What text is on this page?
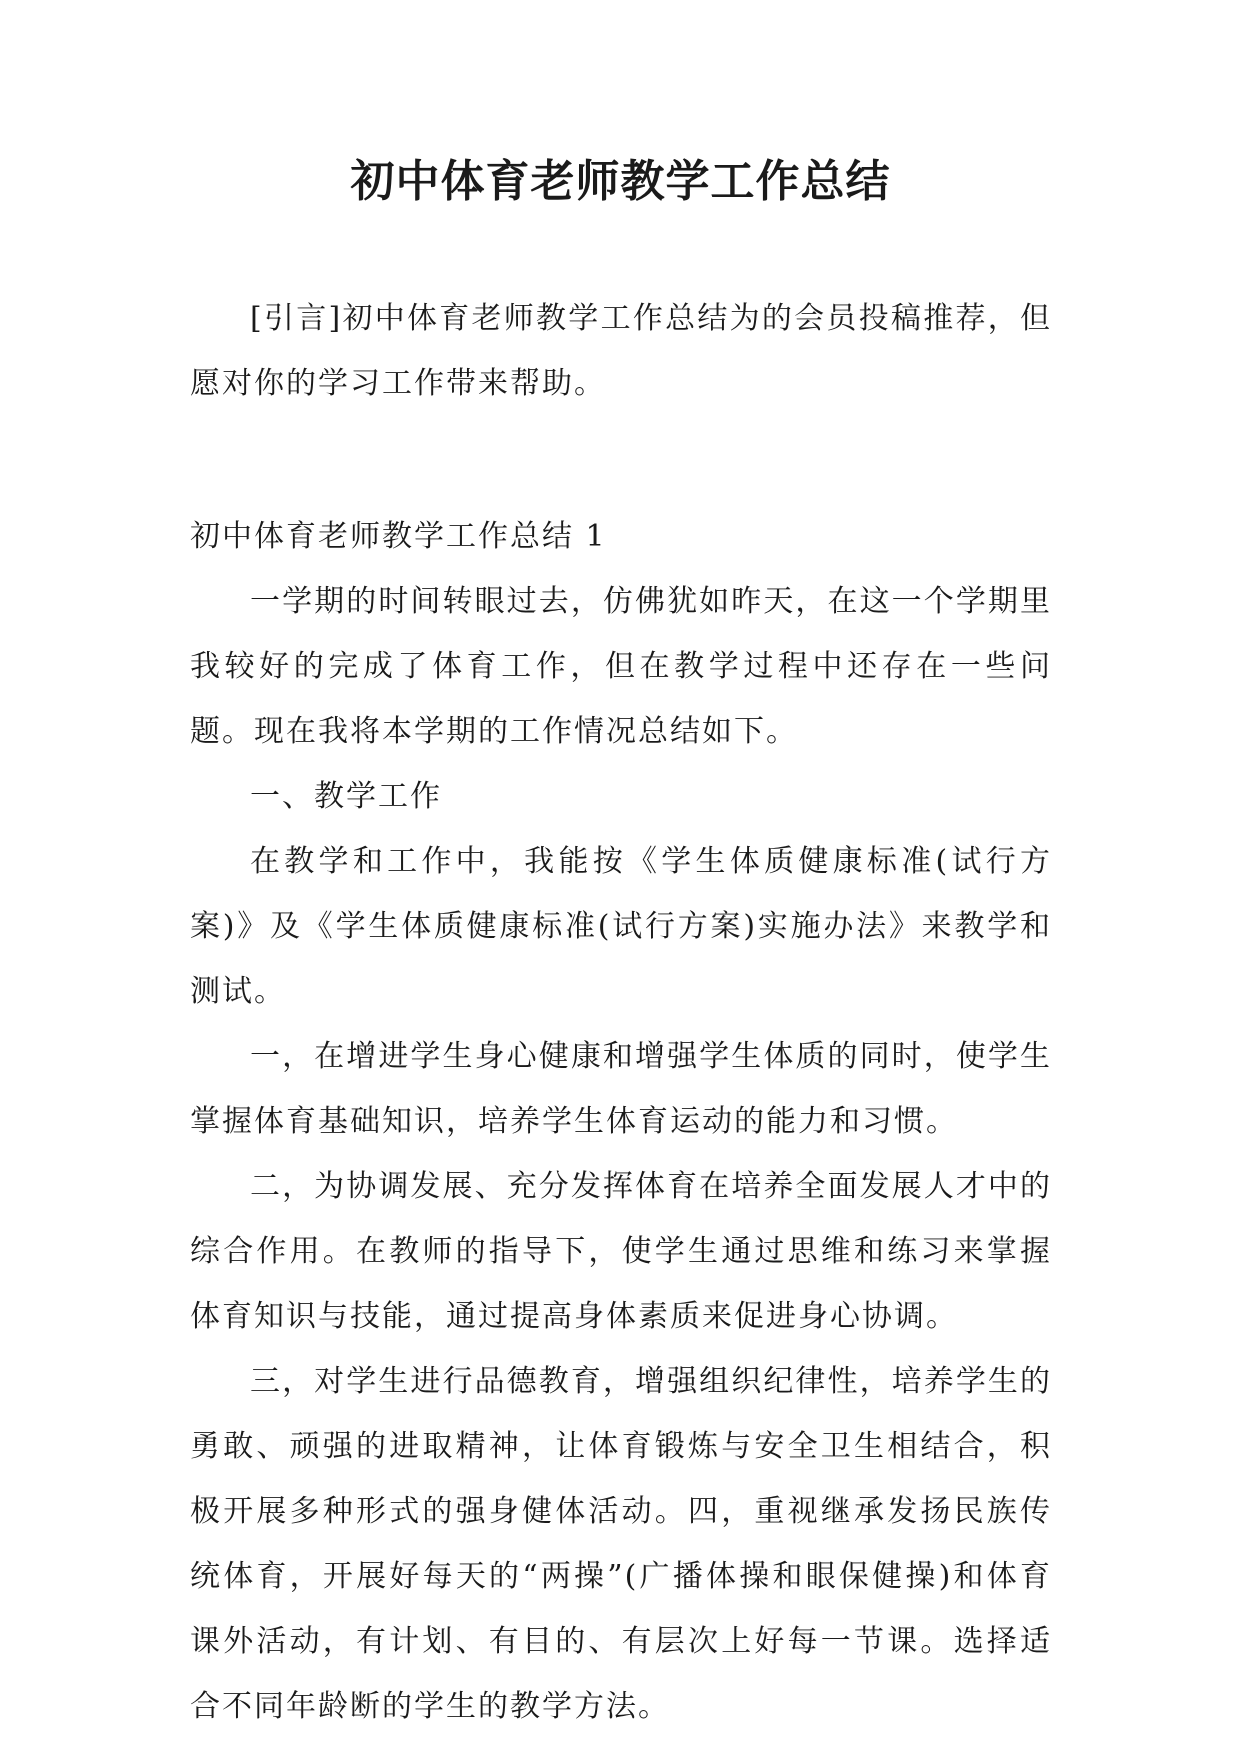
初中体育老师教学工作总结

[引言]初中体育老师教学工作总结为的会员投稿推荐，但愿对你的学习工作带来帮助。

初中体育老师教学工作总结 1

一学期的时间转眼过去，仿佛犹如昨天，在这一个学期里我较好的完成了体育工作，但在教学过程中还存在一些问题。现在我将本学期的工作情况总结如下。

一、教学工作

在教学和工作中，我能按《学生体质健康标准(试行方案)》及《学生体质健康标准(试行方案)实施办法》来教学和测试。

一，在增进学生身心健康和增强学生体质的同时，使学生掌握体育基础知识，培养学生体育运动的能力和习惯。

二，为协调发展、充分发挥体育在培养全面发展人才中的综合作用。在教师的指导下，使学生通过思维和练习来掌握体育知识与技能，通过提高身体素质来促进身心协调。

三，对学生进行品德教育，增强组织纪律性，培养学生的勇敢、顽强的进取精神，让体育锻炼与安全卫生相结合，积极开展多种形式的强身健体活动。四，重视继承发扬民族传统体育，开展好每天的“两操”(广播体操和眼保健操)和体育课外活动，有计划、有目的、有层次上好每一节课。选择适合不同年龄断的学生的教学方法。
